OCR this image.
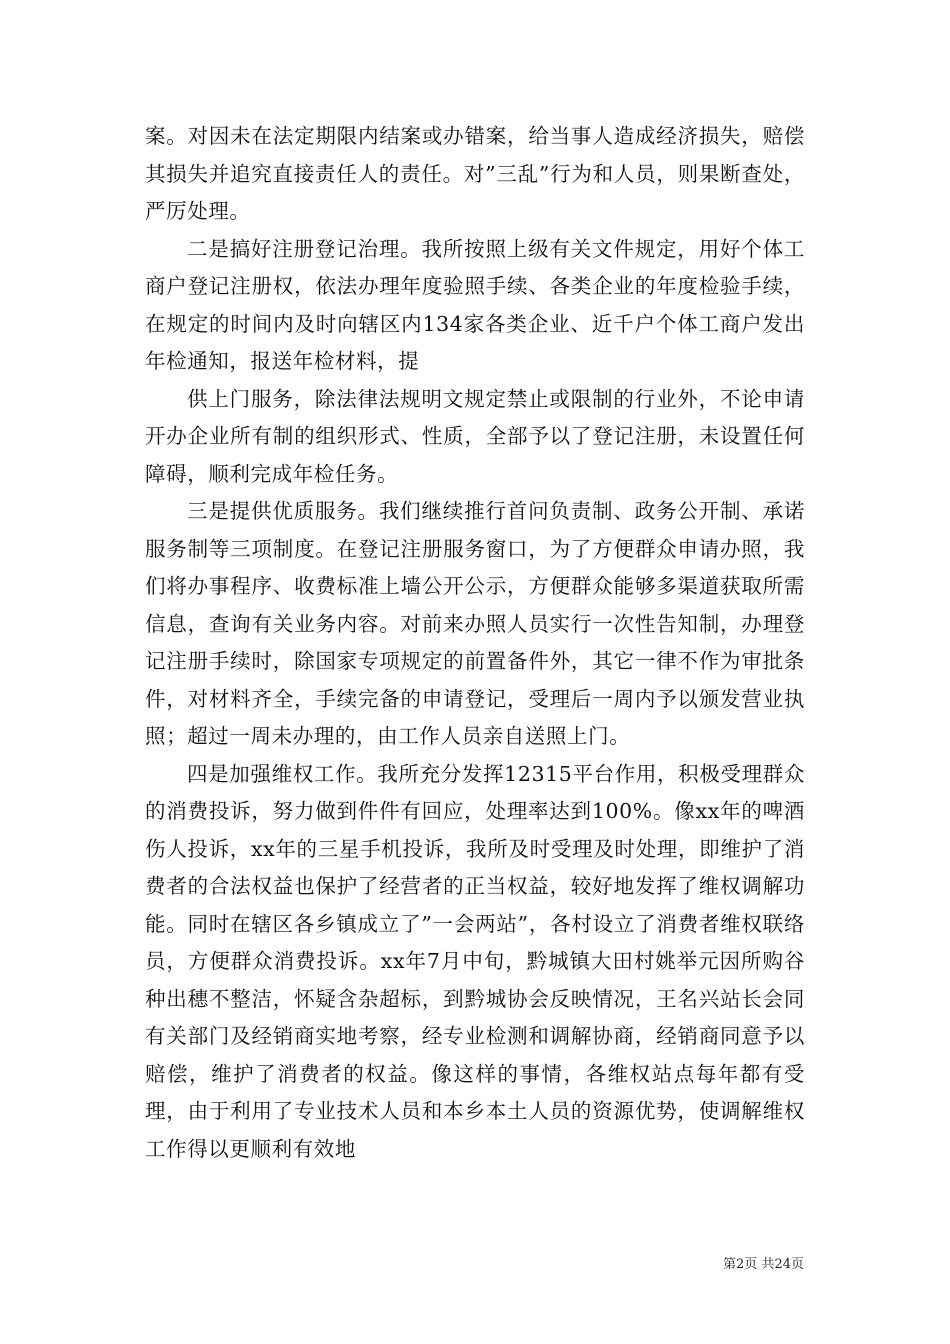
案。对因未在法定期限内结案或办错案，给当事人造成经济损失，赔偿其损失并追究直接责任人的责任。对”三乱”行为和人员，则果断查处，严厉处理。

二是搞好注册登记治理。我所按照上级有关文件规定，用好个体工商户登记注册权，依法办理年度验照手续、各类企业的年度检验手续，在规定的时间内及时向辖区内134家各类企业、近千户个体工商户发出年检通知，报送年检材料，提

供上门服务，除法律法规明文规定禁止或限制的行业外，不论申请开办企业所有制的组织形式、性质，全部予以了登记注册，未设置任何障碍，顺利完成年检任务。

三是提供优质服务。我们继续推行首问负责制、政务公开制、承诺服务制等三项制度。在登记注册服务窗口，为了方便群众申请办照，我们将办事程序、收费标准上墙公开公示，方便群众能够多渠道获取所需信息，查询有关业务内容。对前来办照人员实行一次性告知制，办理登记注册手续时，除国家专项规定的前置备件外，其它一律不作为审批条件，对材料齐全，手续完备的申请登记，受理后一周内予以颁发营业执照；超过一周未办理的，由工作人员亲自送照上门。

四是加强维权工作。我所充分发挥12315平台作用，积极受理群众的消费投诉，努力做到件件有回应，处理率达到100%。像xx年的啤酒伤人投诉，xx年的三星手机投诉，我所及时受理及时处理，即维护了消费者的合法权益也保护了经营者的正当权益，较好地发挥了维权调解功能。同时在辖区各乡镇成立了”一会两站”，各村设立了消费者维权联络员，方便群众消费投诉。xx年7月中旬，黔城镇大田村姚举元因所购谷种出穗不整洁，怀疑含杂超标，到黔城协会反映情况，王名兴站长会同有关部门及经销商实地考察，经专业检测和调解协商，经销商同意予以赔偿，维护了消费者的权益。像这样的事情，各维权站点每年都有受理，由于利用了专业技术人员和本乡本土人员的资源优势，使调解维权工作得以更顺利有效地

第2页 共24页
